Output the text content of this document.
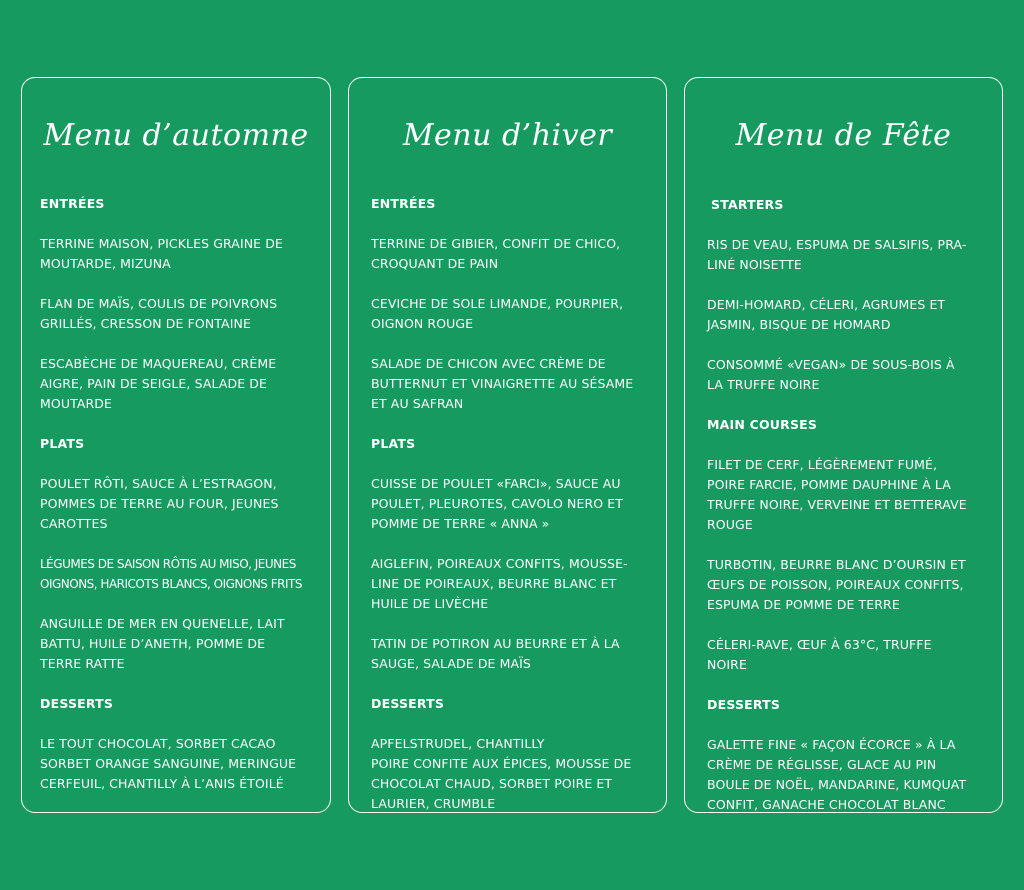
Menu d’automne

ENTRÉES

TERRINE MAISON, PICKLES GRAINE DE

MOUTARDE, MIZUNA

FLAN DE MAÏS, COULIS DE POIVRONS

GRILLÉS, CRESSON DE FONTAINE

ESCABÈCHE DE MAQUEREAU, CRÈME

AIGRE, PAIN DE SEIGLE, SALADE DE

MOUTARDE

PLATS

POULET RÔTI, SAUCE À L’ESTRAGON,

POMMES DE TERRE AU FOUR, JEUNES

CAROTTES

LÉGUMES DE SAISON RÔTIS AU MISO, JEUNES

OIGNONS, HARICOTS BLANCS, OIGNONS FRITS

ANGUILLE DE MER EN QUENELLE, LAIT

BATTU, HUILE D’ANETH, POMME DE

TERRE RATTE

DESSERTS

LE TOUT CHOCOLAT, SORBET CACAO

SORBET ORANGE SANGUINE, MERINGUE

CERFEUIL, CHANTILLY À L’ANIS ÉTOILÉ

Menu d’hiver

ENTRÉES

TERRINE DE GIBIER, CONFIT DE CHICO,

CROQUANT DE PAIN

CEVICHE DE SOLE LIMANDE, POURPIER,

OIGNON ROUGE

SALADE DE CHICON AVEC CRÈME DE

BUTTERNUT ET VINAIGRETTE AU SÉSAME

ET AU SAFRAN

PLATS

CUISSE DE POULET «FARCI», SAUCE AU

POULET, PLEUROTES, CAVOLO NERO ET

POMME DE TERRE « ANNA »

AIGLEFIN, POIREAUX CONFITS, MOUSSE-

LINE DE POIREAUX, BEURRE BLANC ET

HUILE DE LIVÈCHE

TATIN DE POTIRON AU BEURRE ET À LA

SAUGE, SALADE DE MAÏS

DESSERTS

APFELSTRUDEL, CHANTILLY

POIRE CONFITE AUX ÉPICES, MOUSSE DE

CHOCOLAT CHAUD, SORBET POIRE ET

LAURIER, CRUMBLE

Menu de Fête

STARTERS

RIS DE VEAU, ESPUMA DE SALSIFIS, PRA-

LINÉ NOISETTE

DEMI-HOMARD, CÉLERI, AGRUMES ET

JASMIN, BISQUE DE HOMARD

CONSOMMÉ «VEGAN» DE SOUS-BOIS À

LA TRUFFE NOIRE

MAIN COURSES

FILET DE CERF, LÉGÈREMENT FUMÉ,

POIRE FARCIE, POMME DAUPHINE À LA

TRUFFE NOIRE, VERVEINE ET BETTERAVE

ROUGE

TURBOTIN, BEURRE BLANC D’OURSIN ET

ŒUFS DE POISSON, POIREAUX CONFITS,

ESPUMA DE POMME DE TERRE

CÉLERI-RAVE, ŒUF À 63°C, TRUFFE

NOIRE

DESSERTS

GALETTE FINE « FAÇON ÉCORCE » À LA

CRÈME DE RÉGLISSE, GLACE AU PIN

BOULE DE NOËL, MANDARINE, KUMQUAT

CONFIT, GANACHE CHOCOLAT BLANC
